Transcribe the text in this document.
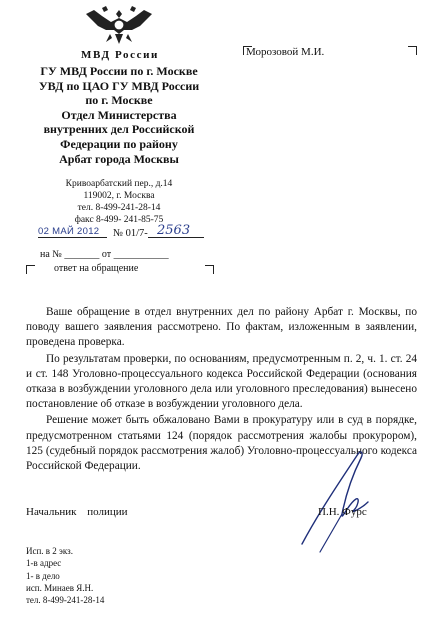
МВД России
ГУ МВД России по г. Москве
УВД по ЦАО ГУ МВД России
по г. Москве
Отдел Министерства
внутренних дел Российской
Федерации по району
Арбат города Москвы
Кривоарбатский пер., д.14
119002, г. Москва
тел. 8-499-241-28-14
факс 8-499- 241-85-75
02 МАЙ 2012 № 01/7- 2563
на № _______ от ___________
ответ на обращение
Морозовой М.И.

Ваше обращение в отдел внутренних дел по району Арбат г. Москвы, по поводу вашего заявления рассмотрено. По фактам, изложенным в заявлении, проведена проверка.

По результатам проверки, по основаниям, предусмотренным п. 2, ч. 1. ст. 24 и ст. 148 Уголовно-процессуального кодекса Российской Федерации (основания отказа в возбуждении уголовного дела или уголовного преследования) вынесено постановление об отказе в возбуждении уголовного дела.

Решение может быть обжаловано Вами в прокуратуру или в суд в порядке, предусмотренном статьями 124 (порядок рассмотрения жалобы прокурором), 125 (судебный порядок рассмотрения жалоб) Уголовно-процессуального кодекса Российской Федерации.

Начальник полиции	П.Н. Фурс
Исп. в 2 экз.
1-в адрес
1- в дело
исп. Минаев Я.Н.
тел. 8-499-241-28-14
